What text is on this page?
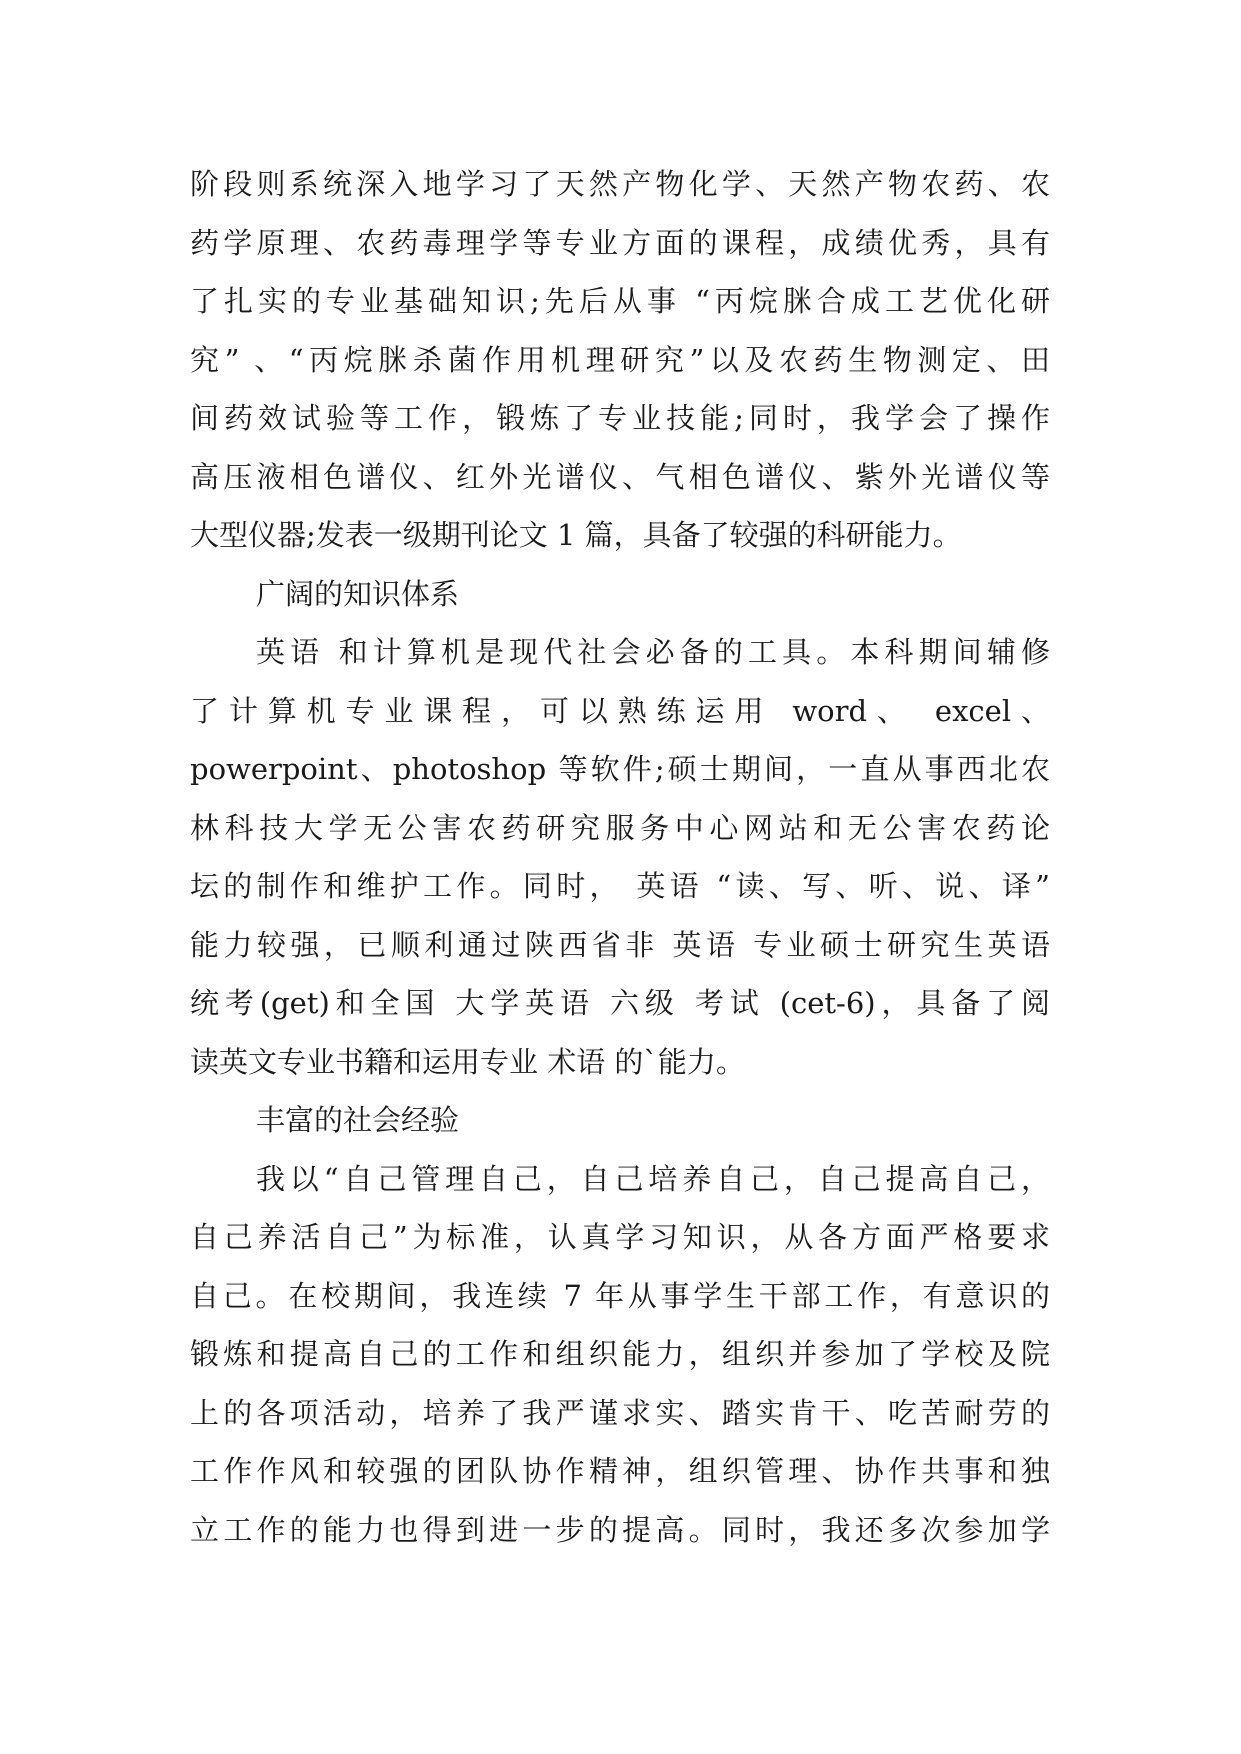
阶段则系统深入地学习了天然产物化学、天然产物农药、农
药学原理、农药毒理学等专业方面的课程，成绩优秀，具有
了扎实的专业基础知识;先后从事 “丙烷脒合成工艺优化研
究” 、“丙烷脒杀菌作用机理研究”以及农药生物测定、田
间药效试验等工作，锻炼了专业技能;同时，我学会了操作
高压液相色谱仪、红外光谱仪、气相色谱仪、紫外光谱仪等
大型仪器;发表一级期刊论文 1 篇，具备了较强的科研能力。
广阔的知识体系
英语 和计算机是现代社会必备的工具。本科期间辅修
了计算机专业课程，可以熟练运用 word、 excel、
powerpoint、photoshop 等软件;硕士期间，一直从事西北农
林科技大学无公害农药研究服务中心网站和无公害农药论
坛的制作和维护工作。同时， 英语 “读、写、听、说、译”
能力较强，已顺利通过陕西省非 英语 专业硕士研究生英语
统考(get)和全国 大学英语 六级 考试 (cet-6)，具备了阅
读英文专业书籍和运用专业 术语 的`能力。
丰富的社会经验
我以“自己管理自己，自己培养自己，自己提高自己，
自己养活自己”为标准，认真学习知识，从各方面严格要求
自己。在校期间，我连续 7 年从事学生干部工作，有意识的
锻炼和提高自己的工作和组织能力，组织并参加了学校及院
上的各项活动，培养了我严谨求实、踏实肯干、吃苦耐劳的
工作作风和较强的团队协作精神，组织管理、协作共事和独
立工作的能力也得到进一步的提高。同时，我还多次参加学
